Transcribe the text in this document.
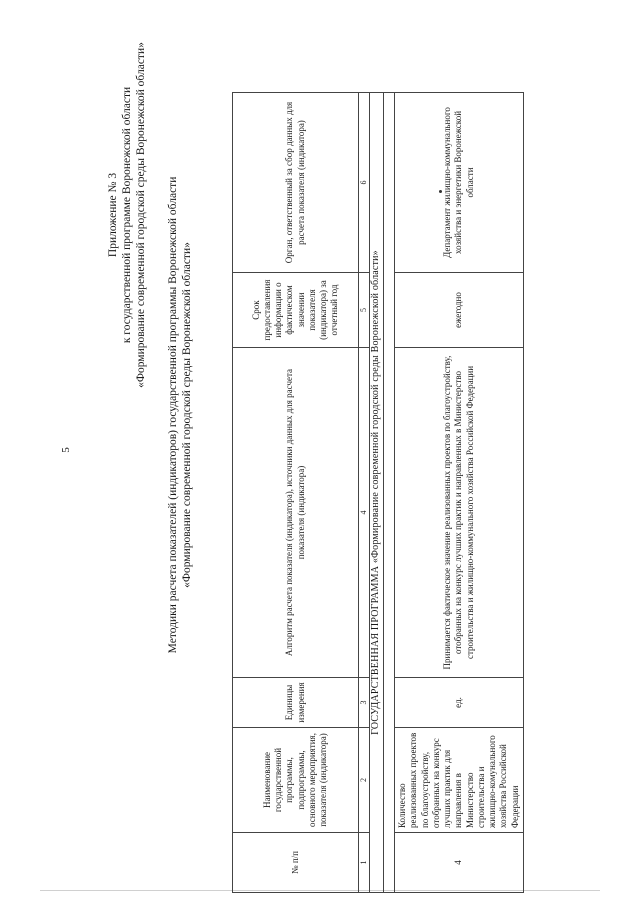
5
Приложение № 3 к государственной программе Воронежской области «Формирование современной городской среды Воронежской области» Методики расчета показателей (индикаторов) государственной программы Воронежской области «Формирование современной городской среды Воронежской области»
№ п/п	Наименование государственной программы, подпрограммы, основного мероприятия, показателя (индикатора)	Единицы измерения	Алгоритм расчета показателя (индикатора), источники данных для расчета показателя (индикатора)	Срок предоставления информации о фактическом значении показателя (индикатора) за отчетный год	Орган, ответственный за сбор данных для расчета показателя (индикатора)
1	2	3	4	5	6
ГОСУДАРСТВЕННАЯ ПРОГРАММА «Формирование современной городской среды Воронежской области»					

4	Количество реализованных проектов по благоустройству, отобранных на конкурс лучших практик для направления в Министерство строительства и жилищно-комунального хозяйства Российской Федерации	ед.	Принимается фактическое значение реализованных проектов по благоустройству, отобранных на конкурс лучших практик и направленных в Министерство строительства и жилищно-коммунального хозяйства Российской Федерации	ежегодно	Департамент жилищно-коммунального хозяйства и энергетики Воронежской области
